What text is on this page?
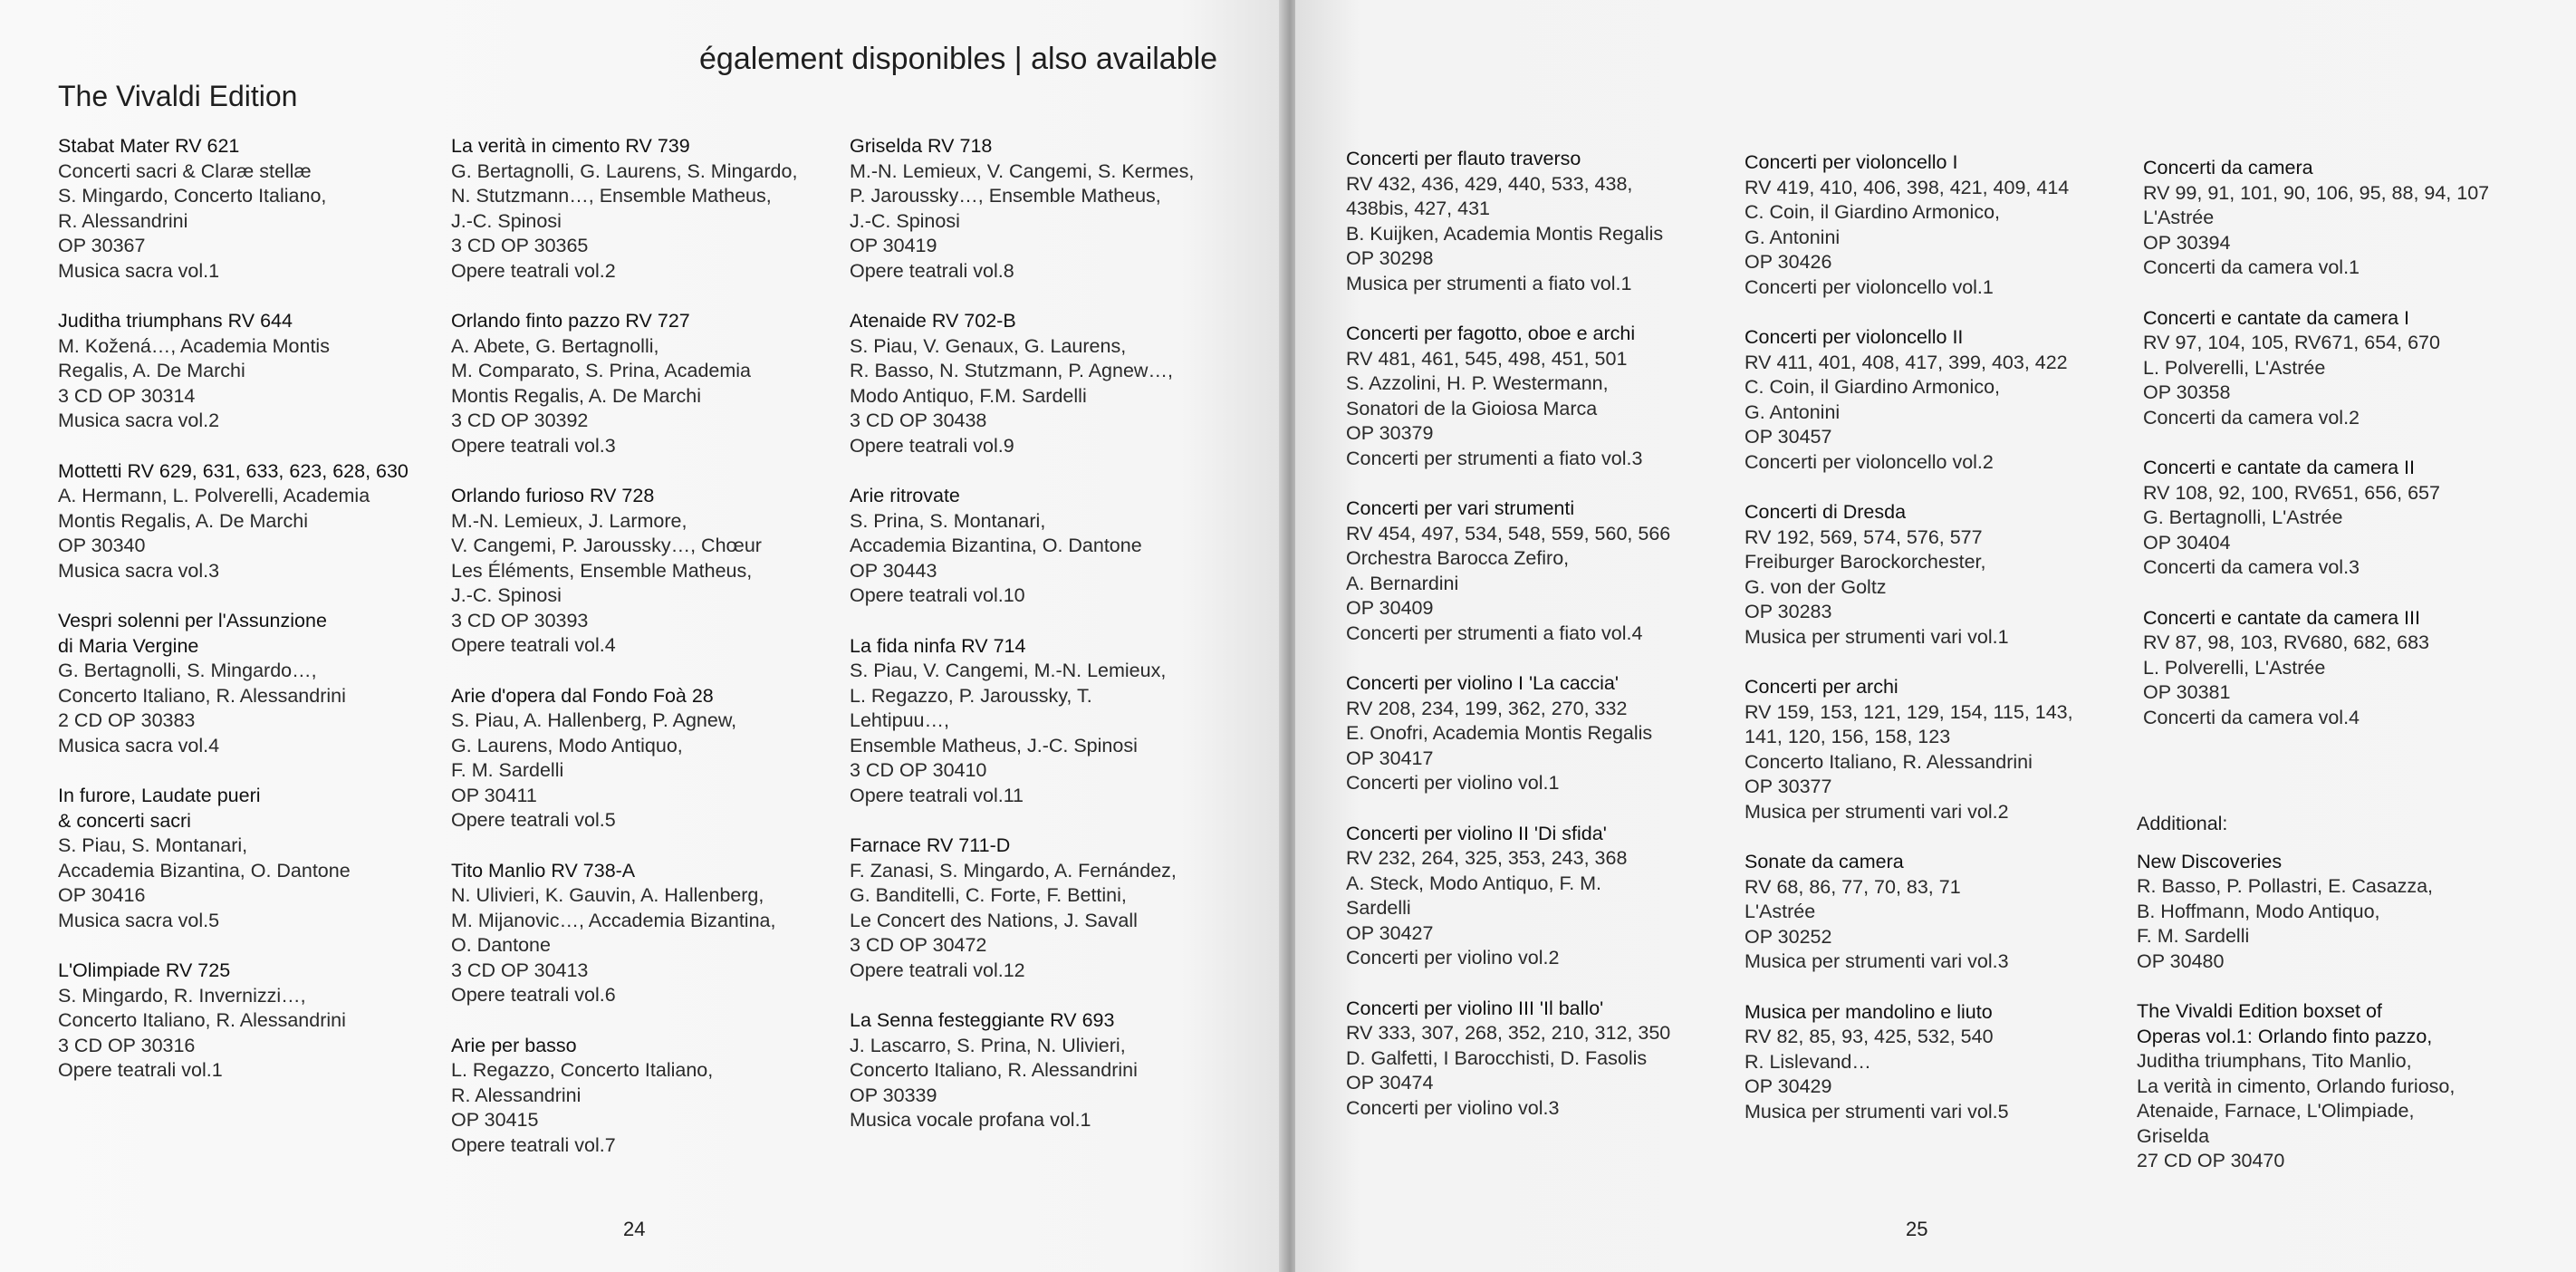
The Vivaldi Edition
également disponibles | also available

Stabat Mater RV 621

Concerti sacri & Claræ stellæ

S. Mingardo, Concerto Italiano,

R. Alessandrini

OP 30367

Musica sacra vol.1

Juditha triumphans RV 644

M. Kožená…, Academia Montis

Regalis, A. De Marchi

3 CD OP 30314

Musica sacra vol.2

Mottetti RV 629, 631, 633, 623, 628, 630

A. Hermann, L. Polverelli, Academia

Montis Regalis, A. De Marchi

OP 30340

Musica sacra vol.3

Vespri solenni per l'Assunzione

di Maria Vergine

G. Bertagnolli, S. Mingardo…,

Concerto Italiano, R. Alessandrini

2 CD OP 30383

Musica sacra vol.4

In furore, Laudate pueri

& concerti sacri

S. Piau, S. Montanari,

Accademia Bizantina, O. Dantone

OP 30416

Musica sacra vol.5

L'Olimpiade RV 725

S. Mingardo, R. Invernizzi…,

Concerto Italiano, R. Alessandrini

3 CD OP 30316

Opere teatrali vol.1

La verità in cimento RV 739

G. Bertagnolli, G. Laurens, S. Mingardo,

N. Stutzmann…, Ensemble Matheus,

J.-C. Spinosi

3 CD OP 30365

Opere teatrali vol.2

Orlando finto pazzo RV 727

A. Abete, G. Bertagnolli,

M. Comparato, S. Prina, Academia

Montis Regalis, A. De Marchi

3 CD OP 30392

Opere teatrali vol.3

Orlando furioso RV 728

M.-N. Lemieux, J. Larmore,

V. Cangemi, P. Jaroussky…, Chœur

Les Éléments, Ensemble Matheus,

J.-C. Spinosi

3 CD OP 30393

Opere teatrali vol.4

Arie d'opera dal Fondo Foà 28

S. Piau, A. Hallenberg, P. Agnew,

G. Laurens, Modo Antiquo,

F. M. Sardelli

OP 30411

Opere teatrali vol.5

Tito Manlio RV 738-A

N. Ulivieri, K. Gauvin, A. Hallenberg,

M. Mijanovic…, Accademia Bizantina,

O. Dantone

3 CD OP 30413

Opere teatrali vol.6

Arie per basso

L. Regazzo, Concerto Italiano,

R. Alessandrini

OP 30415

Opere teatrali vol.7

Griselda RV 718

M.-N. Lemieux, V. Cangemi, S. Kermes,

P. Jaroussky…, Ensemble Matheus,

J.-C. Spinosi

OP 30419

Opere teatrali vol.8

Atenaide RV 702-B

S. Piau, V. Genaux, G. Laurens,

R. Basso, N. Stutzmann, P. Agnew…,

Modo Antiquo, F.M. Sardelli

3 CD OP 30438

Opere teatrali vol.9

Arie ritrovate

S. Prina, S. Montanari,

Accademia Bizantina, O. Dantone

OP 30443

Opere teatrali vol.10

La fida ninfa RV 714

S. Piau, V. Cangemi, M.-N. Lemieux,

L. Regazzo, P. Jaroussky, T.

Lehtipuu…,

Ensemble Matheus, J.-C. Spinosi

3 CD OP 30410

Opere teatrali vol.11

Farnace RV 711-D

F. Zanasi, S. Mingardo, A. Fernández,

G. Banditelli, C. Forte, F. Bettini,

Le Concert des Nations, J. Savall

3 CD OP 30472

Opere teatrali vol.12

La Senna festeggiante RV 693

J. Lascarro, S. Prina, N. Ulivieri,

Concerto Italiano, R. Alessandrini

OP 30339

Musica vocale profana vol.1

24

Concerti per flauto traverso

RV 432, 436, 429, 440, 533, 438,

438bis, 427, 431

B. Kuijken, Academia Montis Regalis

OP 30298

Musica per strumenti a fiato vol.1

Concerti per fagotto, oboe e archi

RV 481, 461, 545, 498, 451, 501

S. Azzolini, H. P. Westermann,

Sonatori de la Gioiosa Marca

OP 30379

Concerti per strumenti a fiato vol.3

Concerti per vari strumenti

RV 454, 497, 534, 548, 559, 560, 566

Orchestra Barocca Zefiro,

A. Bernardini

OP 30409

Concerti per strumenti a fiato vol.4

Concerti per violino I 'La caccia'

RV 208, 234, 199, 362, 270, 332

E. Onofri, Academia Montis Regalis

OP 30417

Concerti per violino vol.1

Concerti per violino II 'Di sfida'

RV 232, 264, 325, 353, 243, 368

A. Steck, Modo Antiquo, F. M.

Sardelli

OP 30427

Concerti per violino vol.2

Concerti per violino III 'Il ballo'

RV 333, 307, 268, 352, 210, 312, 350

D. Galfetti, I Barocchisti, D. Fasolis

OP 30474

Concerti per violino vol.3

Concerti per violoncello I

RV 419, 410, 406, 398, 421, 409, 414

C. Coin, il Giardino Armonico,

G. Antonini

OP 30426

Concerti per violoncello vol.1

Concerti per violoncello II

RV 411, 401, 408, 417, 399, 403, 422

C. Coin, il Giardino Armonico,

G. Antonini

OP 30457

Concerti per violoncello vol.2

Concerti di Dresda

RV 192, 569, 574, 576, 577

Freiburger Barockorchester,

G. von der Goltz

OP 30283

Musica per strumenti vari vol.1

Concerti per archi

RV 159, 153, 121, 129, 154, 115, 143,

141, 120, 156, 158, 123

Concerto Italiano, R. Alessandrini

OP 30377

Musica per strumenti vari vol.2

Sonate da camera

RV 68, 86, 77, 70, 83, 71

L'Astrée

OP 30252

Musica per strumenti vari vol.3

Musica per mandolino e liuto

RV 82, 85, 93, 425, 532, 540

R. Lislevand…

OP 30429

Musica per strumenti vari vol.5

Concerti da camera

RV 99, 91, 101, 90, 106, 95, 88, 94, 107

L'Astrée

OP 30394

Concerti da camera vol.1

Concerti e cantate da camera I

RV 97, 104, 105, RV671, 654, 670

L. Polverelli, L'Astrée

OP 30358

Concerti da camera vol.2

Concerti e cantate da camera II

RV 108, 92, 100, RV651, 656, 657

G. Bertagnolli, L'Astrée

OP 30404

Concerti da camera vol.3

Concerti e cantate da camera III

RV 87, 98, 103, RV680, 682, 683

L. Polverelli, L'Astrée

OP 30381

Concerti da camera vol.4

Additional:

New Discoveries

R. Basso, P. Pollastri, E. Casazza,

B. Hoffmann, Modo Antiquo,

F. M. Sardelli

OP 30480

The Vivaldi Edition boxset of

Operas vol.1: Orlando finto pazzo,

Juditha triumphans, Tito Manlio,

La verità in cimento, Orlando furioso,

Atenaide, Farnace, L'Olimpiade,

Griselda

27 CD OP 30470

25
